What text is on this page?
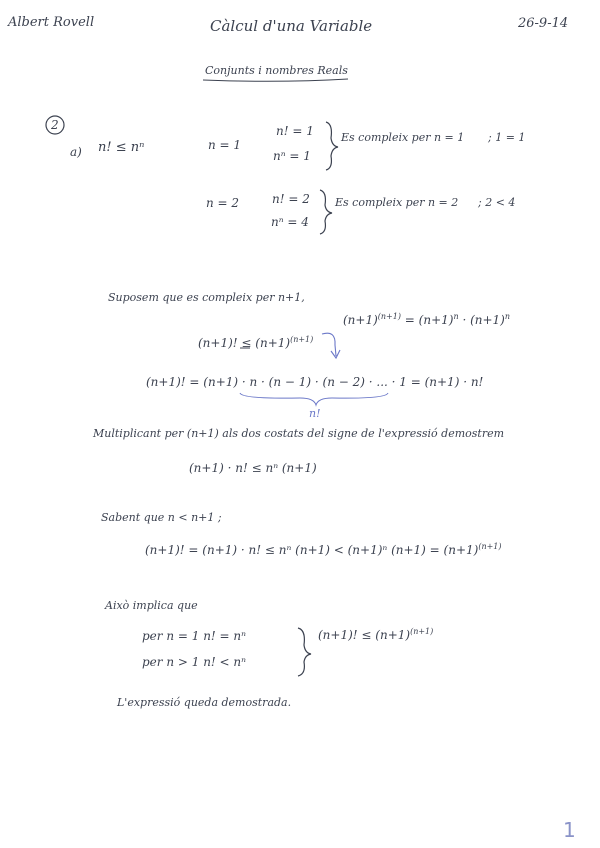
Albert Rovell	Càlcul d'una Variable	26-9-14
Conjunts i nombres Reals
2
a) n! ≤ nⁿ	n = 1
n! = 1
nⁿ = 1
Es compleix per n = 1 ; 1 = 1
n = 2	n! = 2
nⁿ = 4
Es compleix per n = 2 ; 2 < 4
Suposem que es compleix per n+1,
(n+1)! ≤ $(n+1)^{(n+1)}$
$(n+1)^{(n+1)} = (n+1)^n \cdot (n+1)^n$
(n+1)! = (n+1) · n · (n − 1) · (n − 2) · ... · 1 = (n+1) · n!
n!
Multiplicant per (n+1) als dos costats del signe de l'expressió demostrem
(n+1) · n! ≤ nⁿ (n+1)
Sabent que n < n+1 ;
(n+1)! = (n+1) · n! ≤ nⁿ (n+1) < (n+1)ⁿ $(n+1) = (n+1)^{(n+1)}$
Això implica que
per n = 1 n! = nⁿ
per n > 1 n! < nⁿ
(n+1)! ≤ $(n+1)^{(n+1)}$
L'expressió queda demostrada.
1
